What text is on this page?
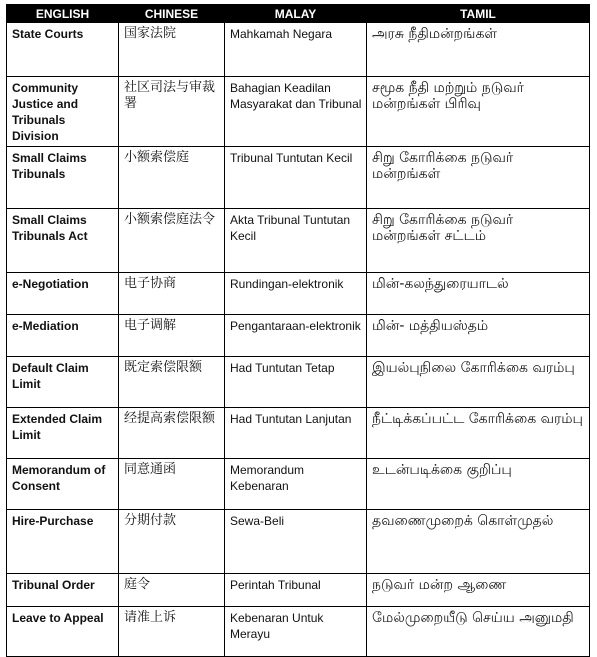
ENGLISH	CHINESE	MALAY	TAMIL
State Courts	国家法院	Mahkamah Negara	அரசு நீதிமன்றங்கள்
Community Justice and Tribunals Division	社区司法与审裁署	Bahagian Keadilan Masyarakat dan Tribunal	சமூக நீதி மற்றும் நடுவர் மன்றங்கள் பிரிவு
Small Claims Tribunals	小额索偿庭	Tribunal Tuntutan Kecil	சிறு கோரிக்கை நடுவர் மன்றங்கள்
Small Claims Tribunals Act	小额索偿庭法令	Akta Tribunal Tuntutan Kecil	சிறு கோரிக்கை நடுவர் மன்றங்கள் சட்டம்
e-Negotiation	电子协商	Rundingan-elektronik	மின்-கலந்துரையாடல்
e-Mediation	电子调解	Pengantaraan-elektronik	மின்- மத்தியஸ்தம்
Default Claim Limit	既定索偿限额	Had Tuntutan Tetap	இயல்புநிலை கோரிக்கை வரம்பு
Extended Claim Limit	经提高索偿限额	Had Tuntutan Lanjutan	நீட்டிக்கப்பட்ட கோரிக்கை வரம்பு
Memorandum of Consent	同意通函	Memorandum Kebenaran	உடன்படிக்கை குறிப்பு
Hire-Purchase	分期付款	Sewa-Beli	தவணைமுறைக் கொள்முதல்
Tribunal Order	庭令	Perintah Tribunal	நடுவர் மன்ற ஆணை
Leave to Appeal	请准上诉	Kebenaran Untuk Merayu	மேல்முறையீடு செய்ய அனுமதி
